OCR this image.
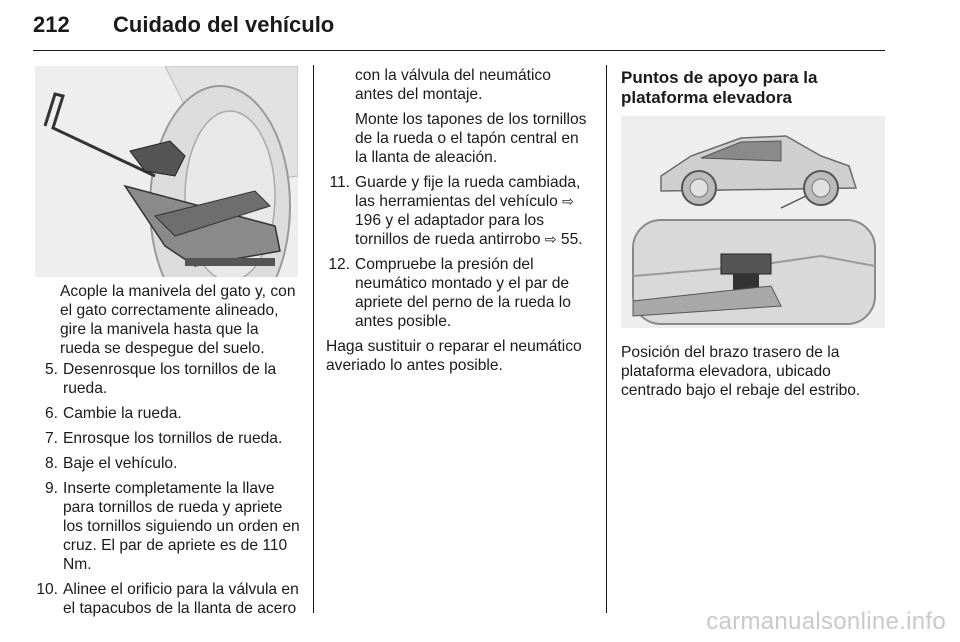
212 Cuidado del vehículo
Acople la manivela del gato y, con el gato correctamente alineado, gire la manivela hasta que la rueda se despegue del suelo.
5. Desenrosque los tornillos de la rueda.
6. Cambie la rueda.
7. Enrosque los tornillos de rueda.
8. Baje el vehículo.
9. Inserte completamente la llave para tornillos de rueda y apriete los tornillos siguiendo un orden en cruz. El par de apriete es de 110 Nm.
10. Alinee el orificio para la válvula en el tapacubos de la llanta de acero

con la válvula del neumático antes del montaje.

Monte los tapones de los tornillos de la rueda o el tapón central en la llanta de aleación.

11. Guarde y fije la rueda cambiada, las herramientas del vehículo ⇨ 196 y el adaptador para los tornillos de rueda antirrobo ⇨ 55.
12. Compruebe la presión del neumático montado y el par de apriete del perno de la rueda lo antes posible.

Haga sustituir o reparar el neumático averiado lo antes posible.

Puntos de apoyo para la plataforma elevadora
Posición del brazo trasero de la plataforma elevadora, ubicado centrado bajo el rebaje del estribo.
carmanualsonline.info
